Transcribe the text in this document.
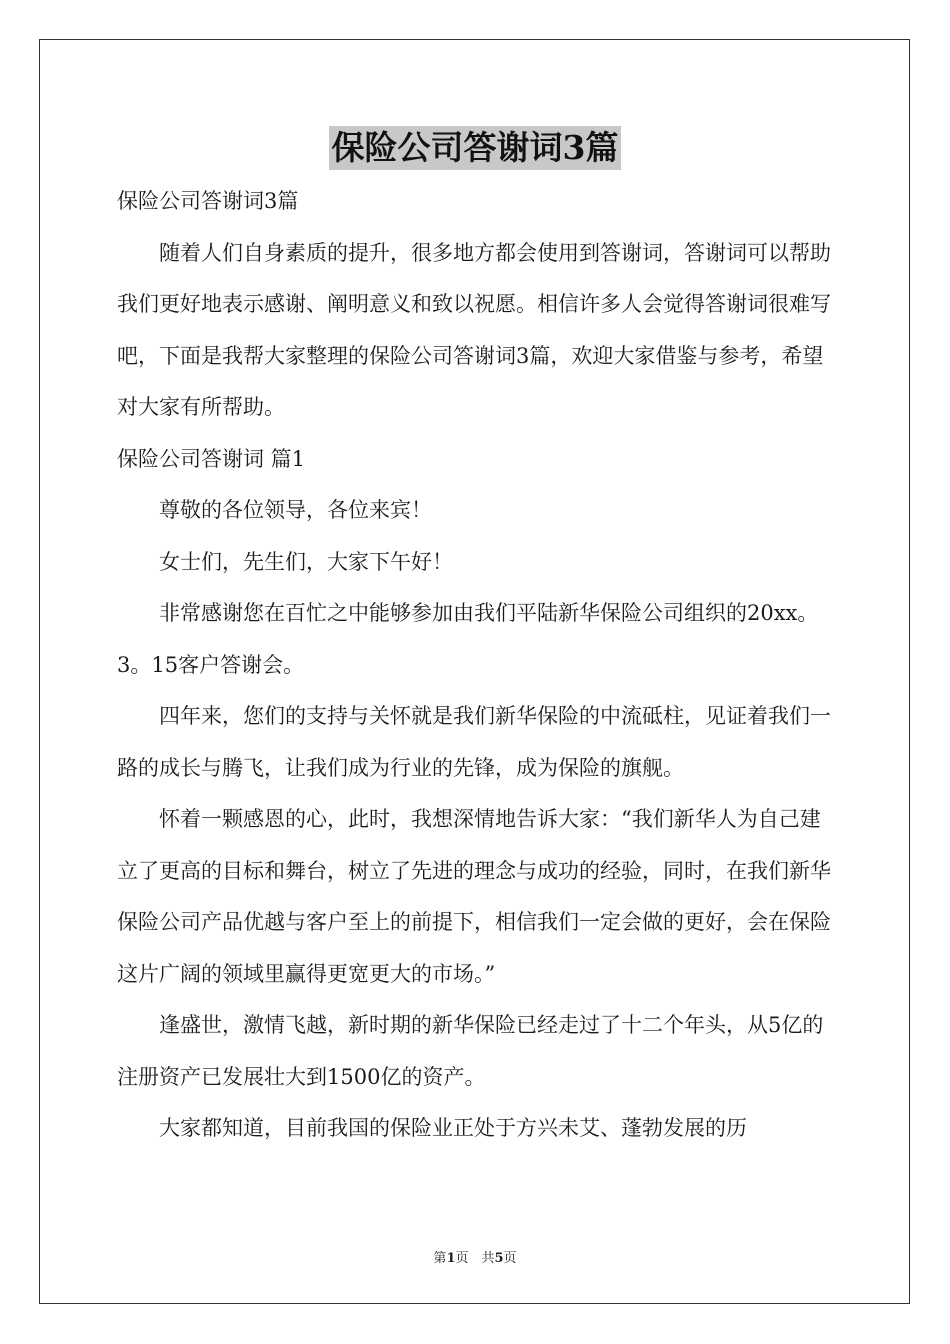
保险公司答谢词3篇

保险公司答谢词3篇

随着人们自身素质的提升，很多地方都会使用到答谢词，答谢词可以帮助我们更好地表示感谢、阐明意义和致以祝愿。相信许多人会觉得答谢词很难写吧，下面是我帮大家整理的保险公司答谢词3篇，欢迎大家借鉴与参考，希望对大家有所帮助。

保险公司答谢词 篇1

尊敬的各位领导，各位来宾！

女士们，先生们，大家下午好！

非常感谢您在百忙之中能够参加由我们平陆新华保险公司组织的20xx。3。15客户答谢会。

四年来，您们的支持与关怀就是我们新华保险的中流砥柱，见证着我们一路的成长与腾飞，让我们成为行业的先锋，成为保险的旗舰。

怀着一颗感恩的心，此时，我想深情地告诉大家：“我们新华人为自己建立了更高的目标和舞台，树立了先进的理念与成功的经验，同时，在我们新华保险公司产品优越与客户至上的前提下，相信我们一定会做的更好，会在保险这片广阔的领域里赢得更宽更大的市场。”

逢盛世，激情飞越，新时期的新华保险已经走过了十二个年头，从5亿的注册资产已发展壮大到1500亿的资产。

大家都知道，目前我国的保险业正处于方兴未艾、蓬勃发展的历

第1页　共5页
